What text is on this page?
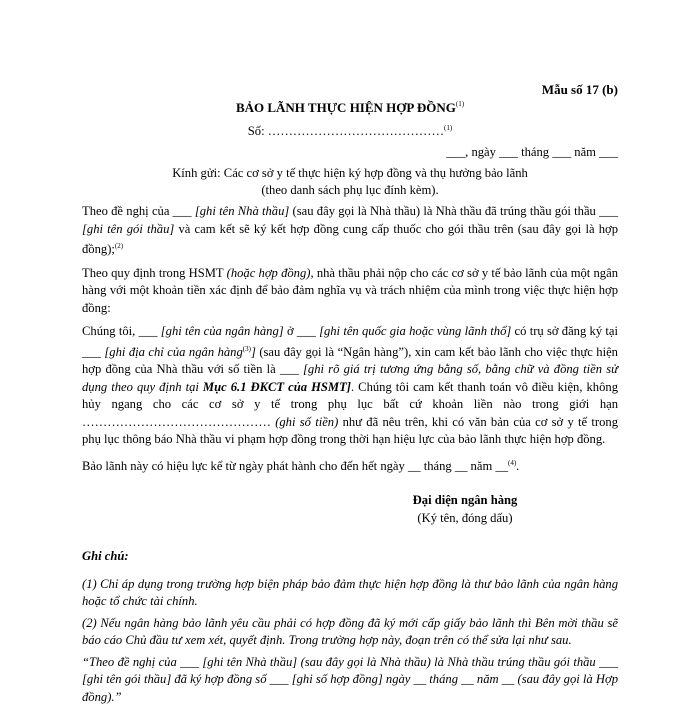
Mẫu số 17 (b)
BẢO LÃNH THỰC HIỆN HỢP ĐỒNG$^{(1)}$
Số: ……………………………………$^{(1)}$
___, ngày ___ tháng ___ năm ___
Kính gửi: Các cơ sở y tế thực hiện ký hợp đồng và thụ hưởng bảo lãnh
(theo danh sách phụ lục đính kèm).

Theo đề nghị của ___ [ghi tên Nhà thầu] (sau đây gọi là Nhà thầu) là Nhà thầu đã trúng thầu gói thầu ___ [ghi tên gói thầu] và cam kết sẽ ký kết hợp đồng cung cấp thuốc cho gói thầu trên (sau đây gọi là hợp đồng);$^{(2)}$

Theo quy định trong HSMT (hoặc hợp đồng), nhà thầu phải nộp cho các cơ sở y tế bảo lãnh của một ngân hàng với một khoản tiền xác định để bảo đảm nghĩa vụ và trách nhiệm của mình trong việc thực hiện hợp đồng:

Chúng tôi, ___ [ghi tên của ngân hàng] ở ___ [ghi tên quốc gia hoặc vùng lãnh thổ] có trụ sở đăng ký tại ___ [ghi địa chỉ của ngân hàng$^{(3)}$] (sau đây gọi là “Ngân hàng”), xin cam kết bảo lãnh cho việc thực hiện hợp đồng của Nhà thầu với số tiền là ___ [ghi rõ giá trị tương ứng bằng số, bằng chữ và đồng tiền sử dụng theo quy định tại Mục 6.1 ĐKCT của HSMT]. Chúng tôi cam kết thanh toán vô điều kiện, không hủy ngang cho các cơ sở y tế trong phụ lục bất cứ khoản liền nào trong giới hạn ……………………………………… (ghi số tiền) như đã nêu trên, khi có văn bản của cơ sở y tế trong phụ lục thông báo Nhà thầu vi phạm hợp đồng trong thời hạn hiệu lực của bảo lãnh thực hiện hợp đồng.

Bảo lãnh này có hiệu lực kể từ ngày phát hành cho đến hết ngày __ tháng __ năm __$^{(4)}$.

Đại diện ngân hàng
(Ký tên, đóng dấu)

Ghi chú:

(1) Chỉ áp dụng trong trường hợp biện pháp bảo đảm thực hiện hợp đồng là thư bảo lãnh của ngân hàng hoặc tổ chức tài chính.

(2) Nếu ngân hàng bảo lãnh yêu cầu phải có hợp đồng đã ký mới cấp giấy bảo lãnh thì Bên mời thầu sẽ báo cáo Chủ đầu tư xem xét, quyết định. Trong trường hợp này, đoạn trên có thể sửa lại như sau.

“Theo đề nghị của ___ [ghi tên Nhà thầu] (sau đây gọi là Nhà thầu) là Nhà thầu trúng thầu gói thầu ___ [ghi tên gói thầu] đã ký hợp đồng số ___ [ghi số hợp đồng] ngày __ tháng __ năm __ (sau đây gọi là Hợp đồng).”
